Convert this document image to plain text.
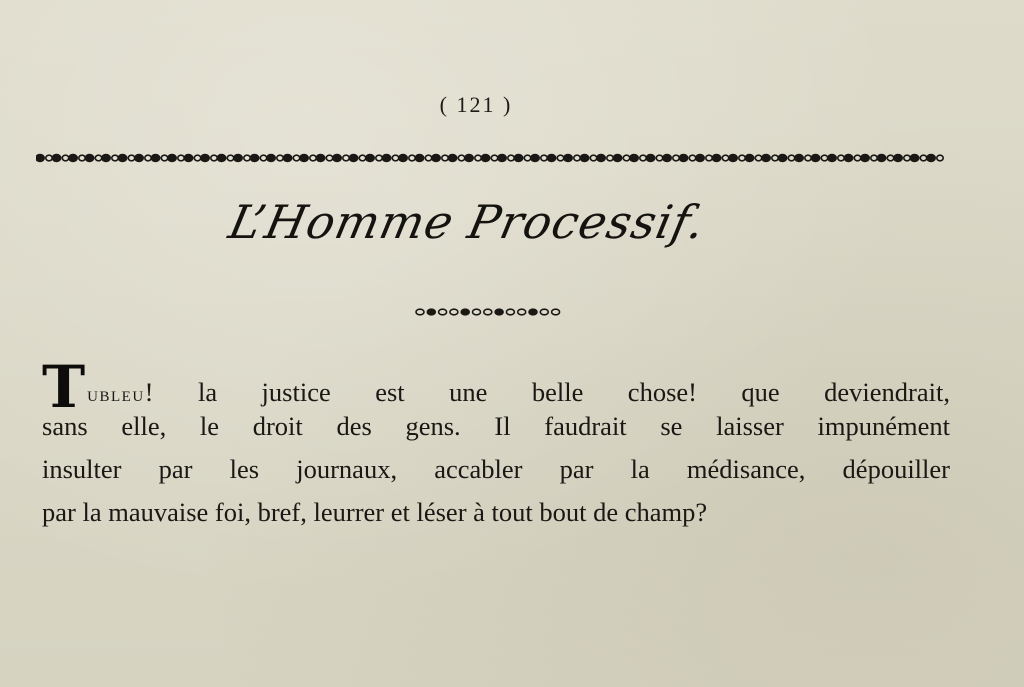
( 121 )
L’Homme Processif.
Tubleu! la justice est une belle chose! que deviendrait,
sans elle, le droit des gens. Il faudrait se laisser impunément
insulter par les journaux, accabler par la médisance, dépouiller
par la mauvaise foi, bref, leurrer et léser à tout bout de champ?
